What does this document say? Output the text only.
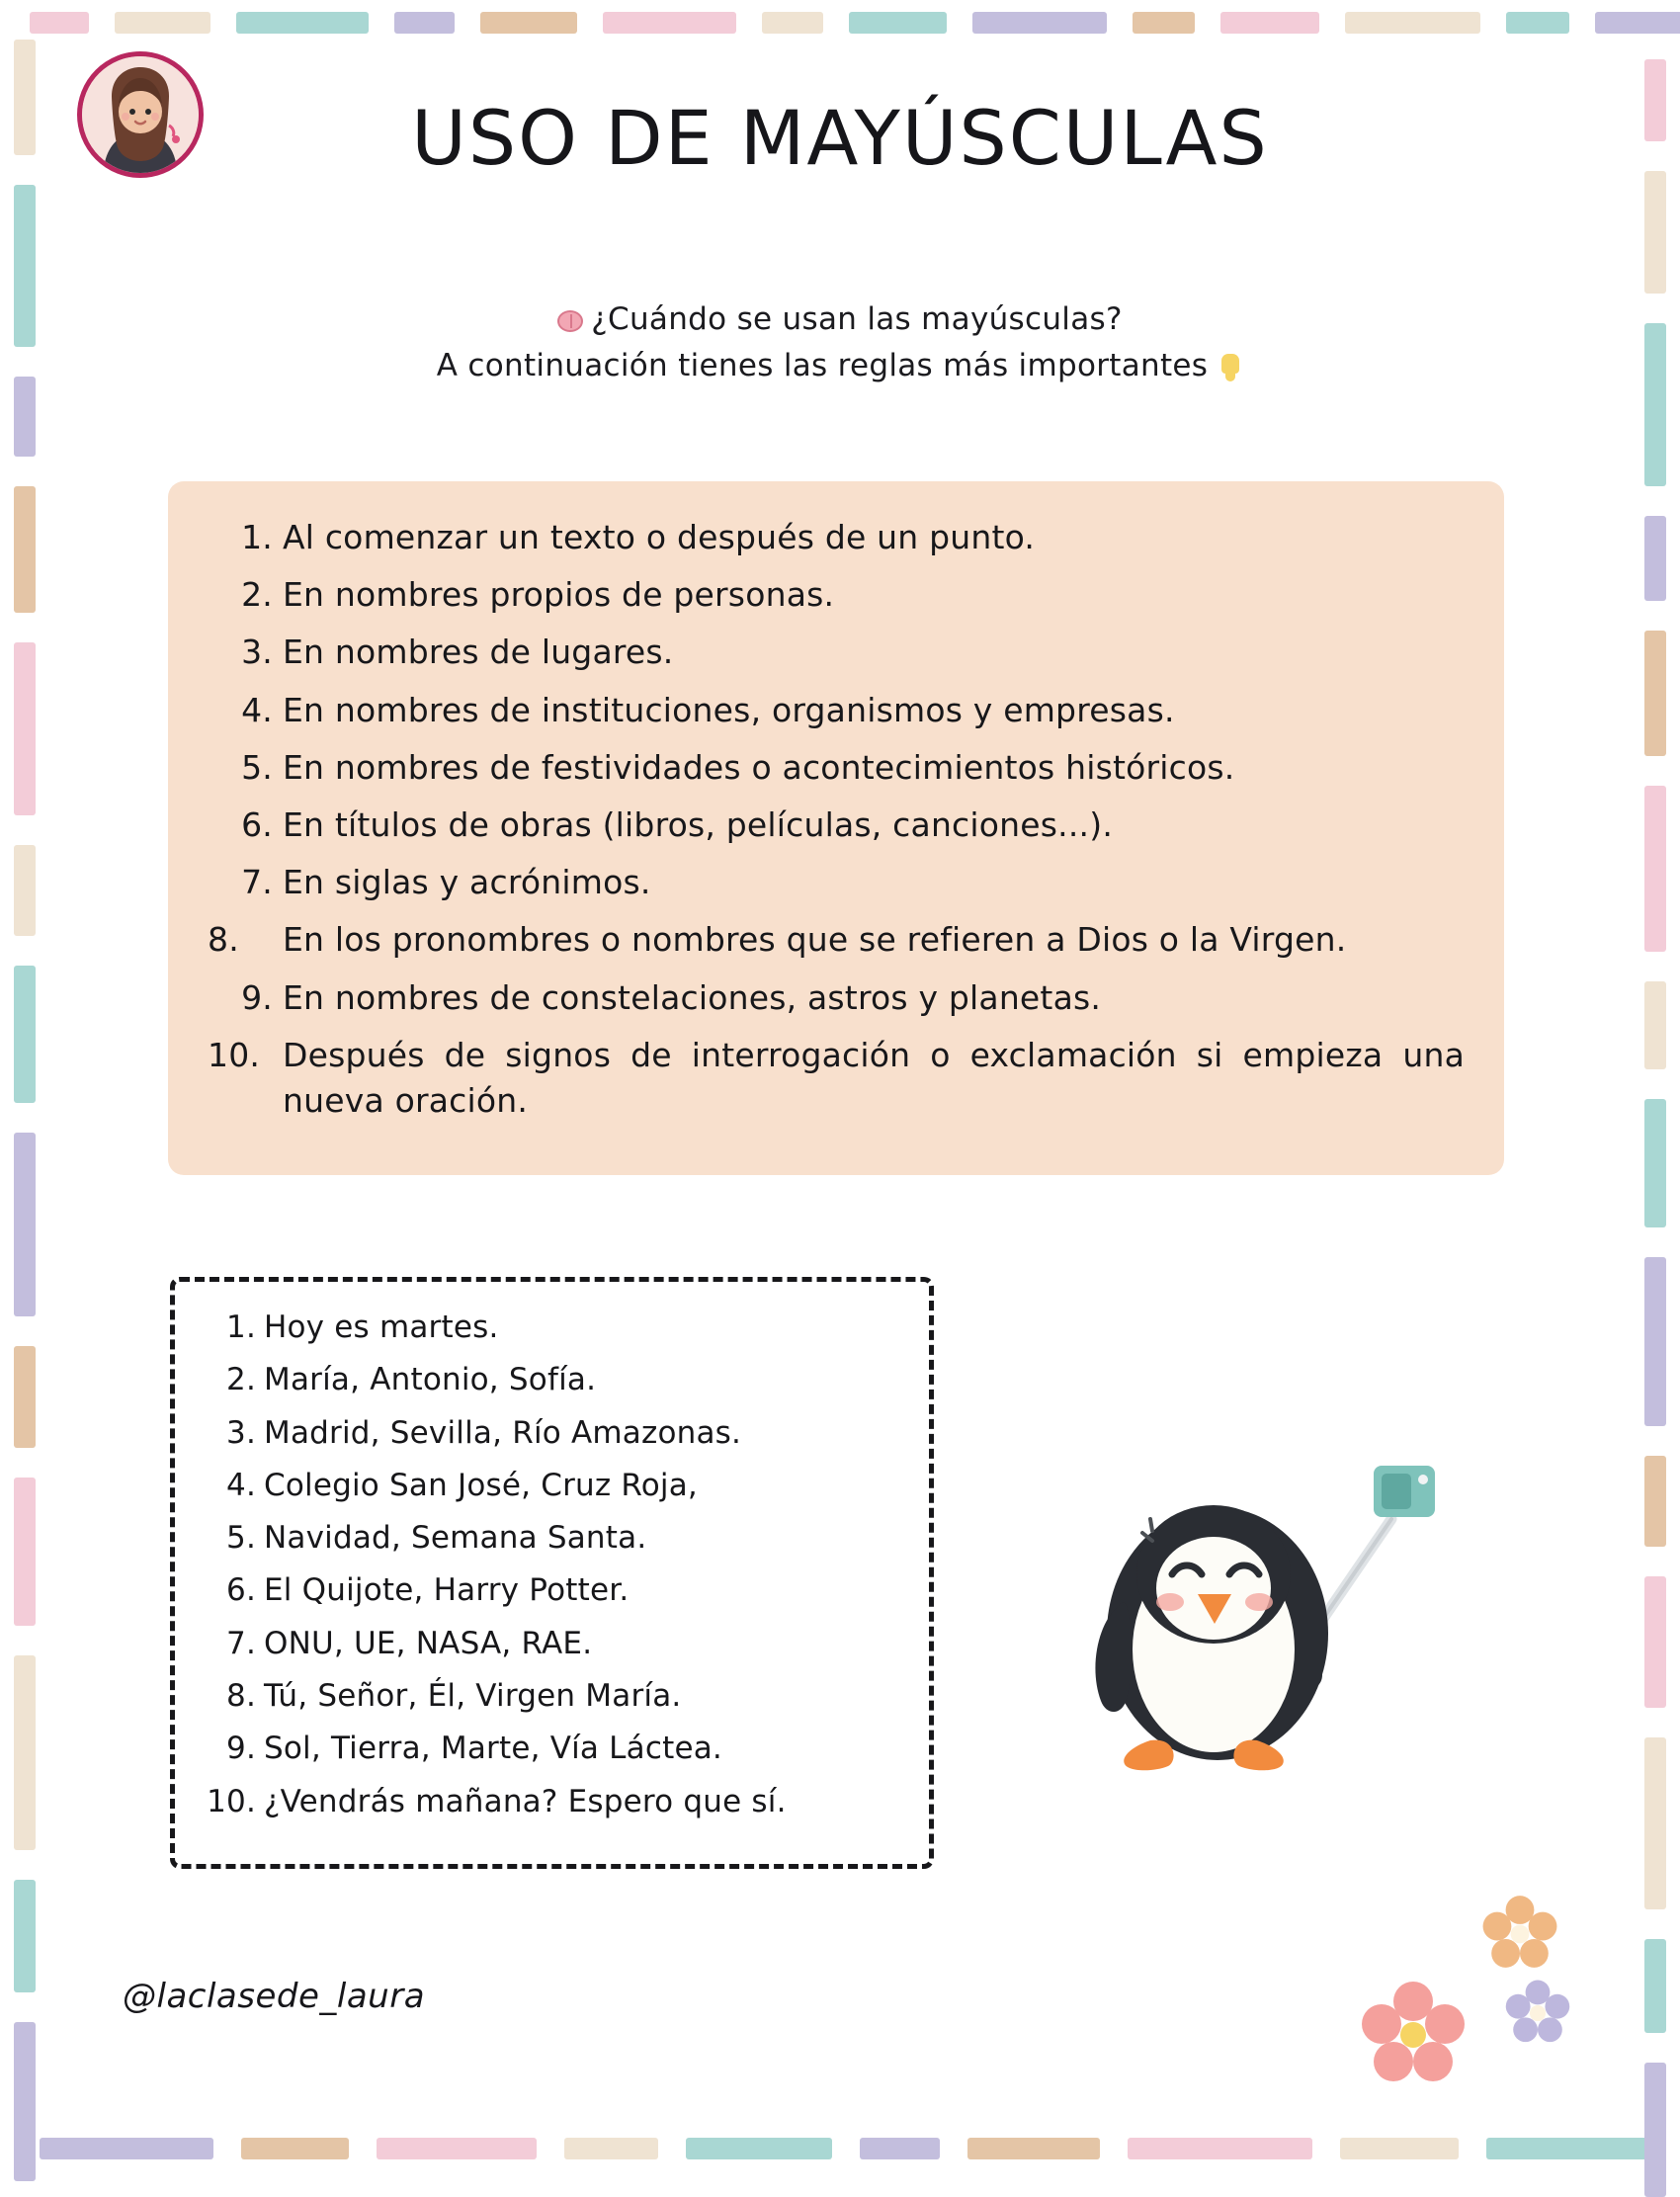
USO DE MAYÚSCULAS
¿Cuándo se usan las mayúsculas?
A continuación tienes las reglas más importantes
Al comenzar un texto o después de un punto.
En nombres propios de personas.
En nombres de lugares.
En nombres de instituciones, organismos y empresas.
En nombres de festividades o acontecimientos históricos.
En títulos de obras (libros, películas, canciones...).
En siglas y acrónimos.
En los pronombres o nombres que se refieren a Dios o la Virgen.
En nombres de constelaciones, astros y planetas.
Después de signos de interrogación o exclamación si empieza una nueva oración.
Hoy es martes.
María, Antonio, Sofía.
Madrid, Sevilla, Río Amazonas.
Colegio San José, Cruz Roja,
Navidad, Semana Santa.
El Quijote, Harry Potter.
ONU, UE, NASA, RAE.
Tú, Señor, Él, Virgen María.
Sol, Tierra, Marte, Vía Láctea.
¿Vendrás mañana? Espero que sí.
@laclasede_laura
